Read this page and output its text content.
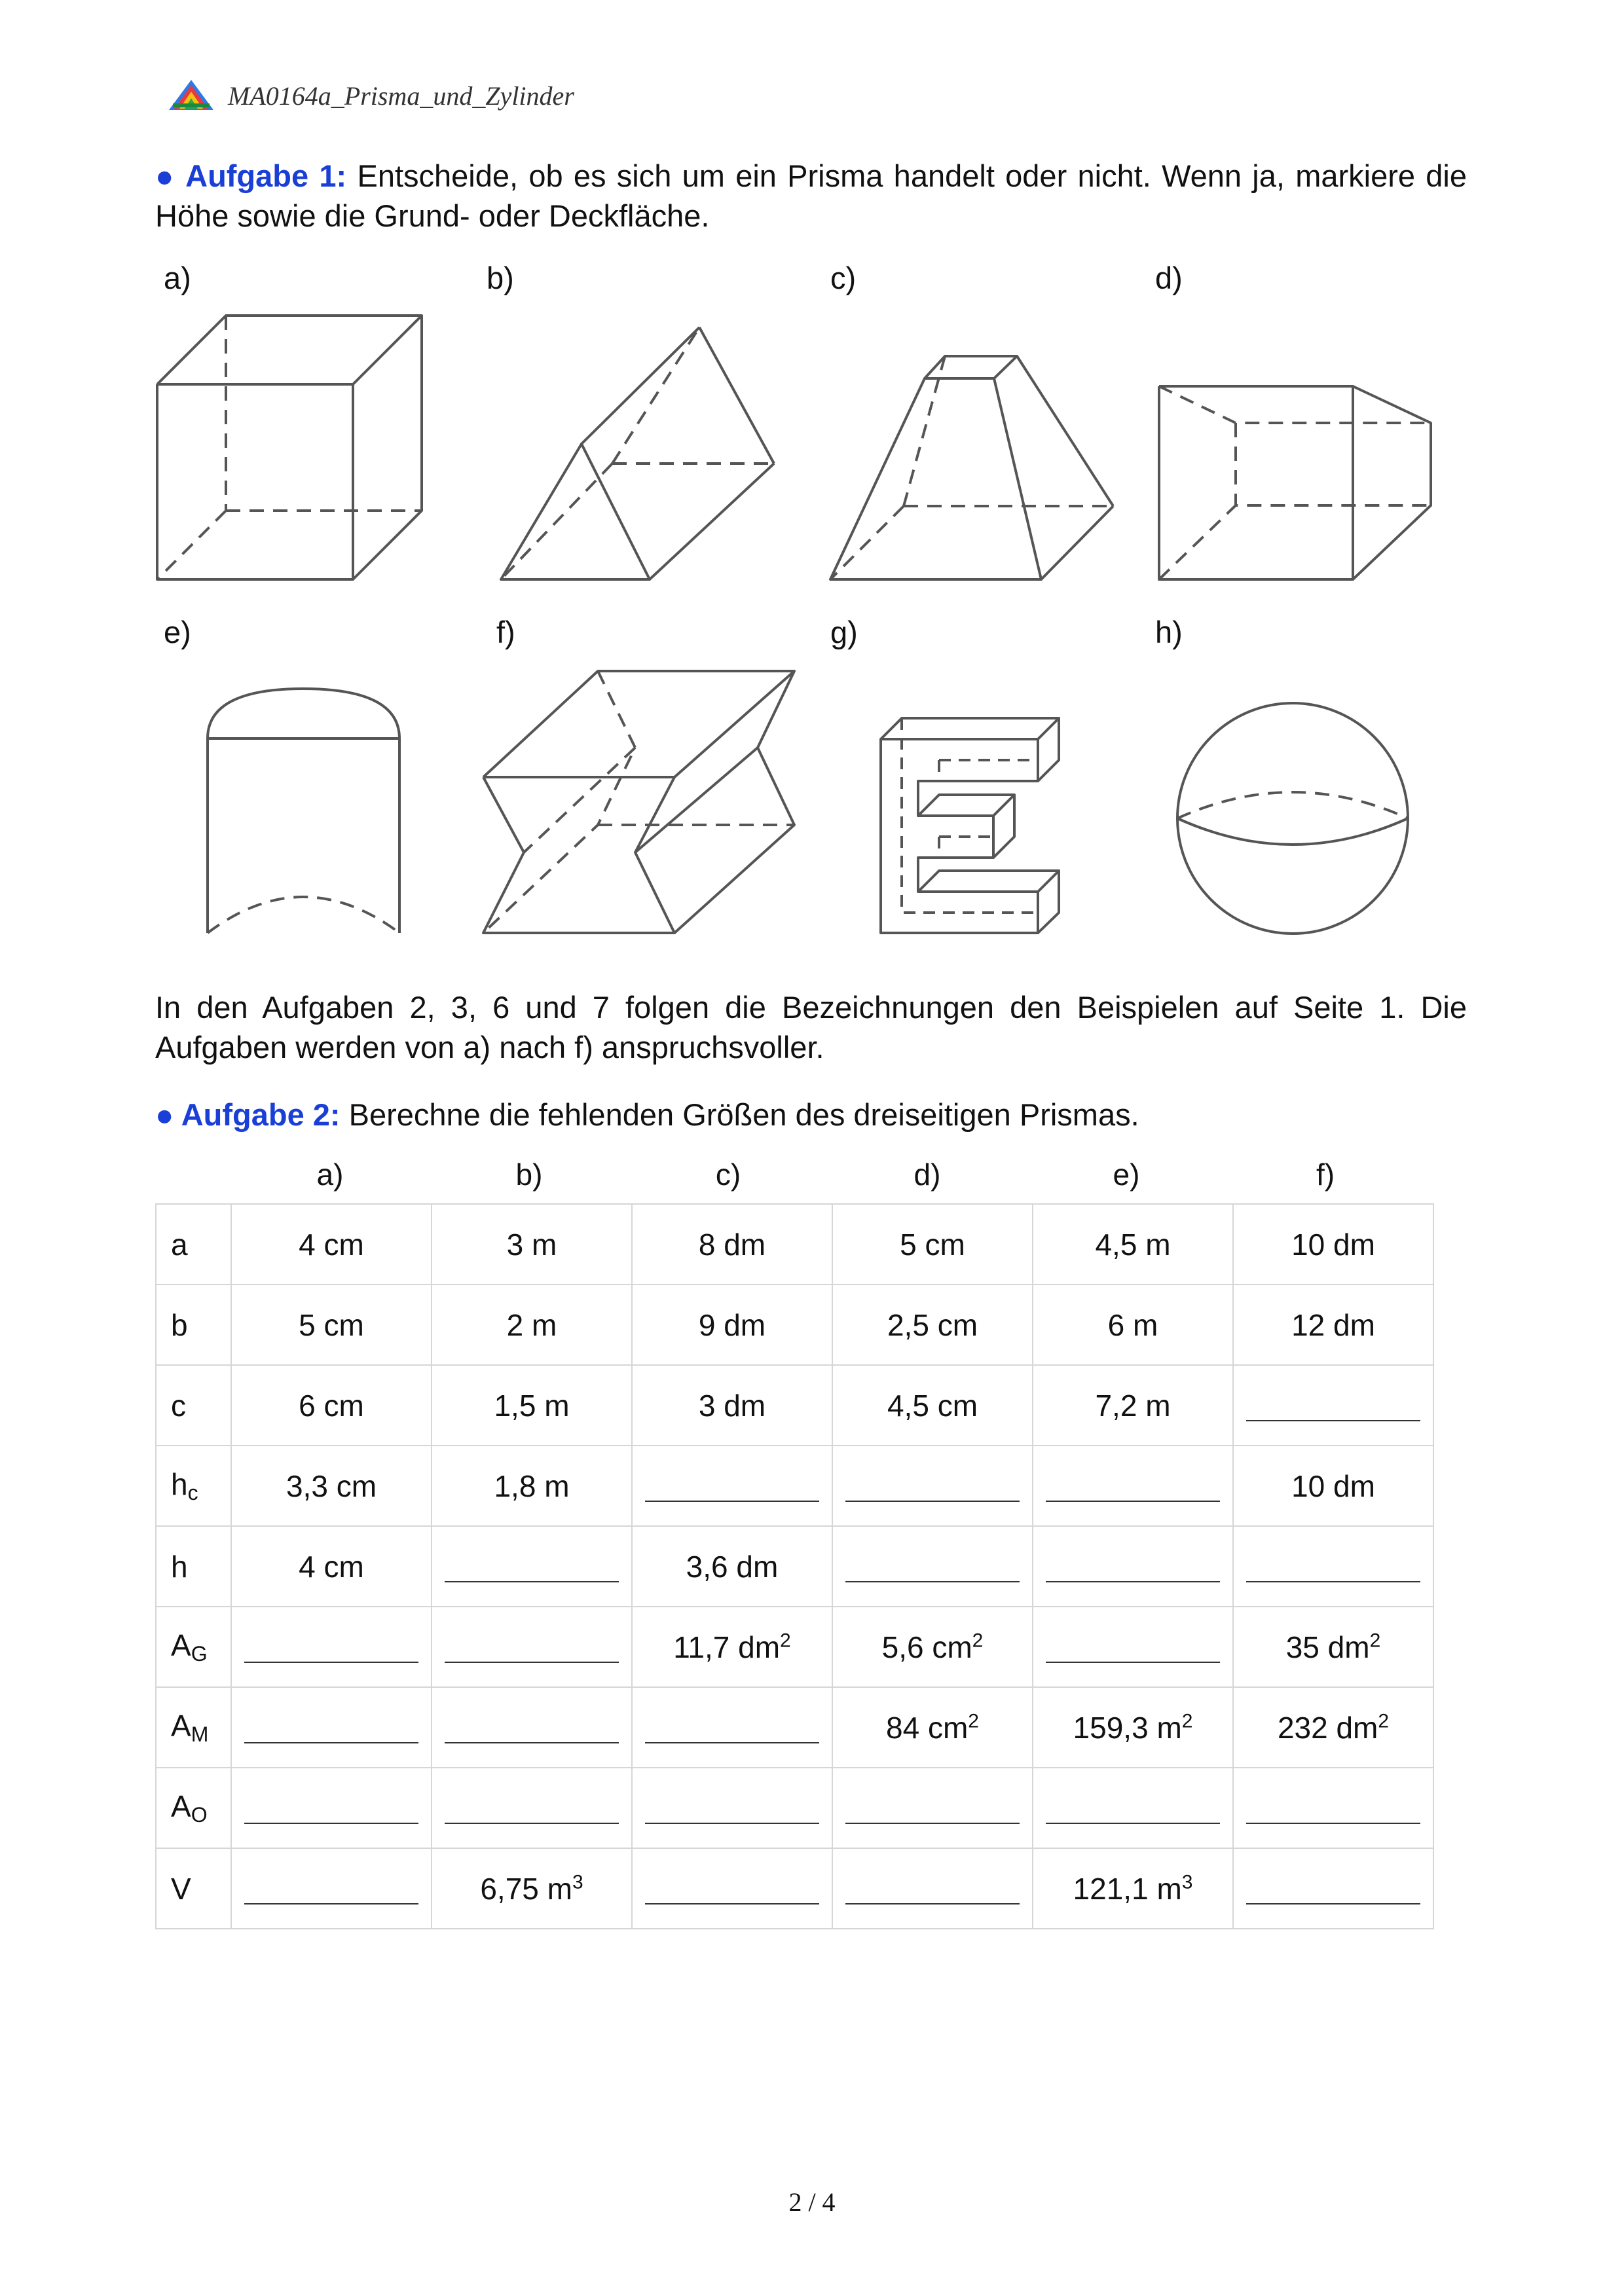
MA0164a_Prisma_und_Zylinder
● Aufgabe 1: Entscheide, ob es sich um ein Prisma handelt oder nicht. Wenn ja, markiere die Höhe sowie die Grund- oder Deckfläche.
a)	b)	c)	d)
e)	f)	g)	h)
In den Aufgaben 2, 3, 6 und 7 folgen die Bezeichnungen den Beispielen auf Seite 1. Die Aufgaben werden von a) nach f) anspruchsvoller.
● Aufgabe 2: Berechne die fehlenden Größen des dreiseitigen Prismas.
a)	b)	c)	d)	e)	f)
a	4 cm	3 m	8 dm	5 cm	4,5 m	10 dm
b	5 cm	2 m	9 dm	2,5 cm	6 m	12 dm
c	6 cm	1,5 m	3 dm	4,5 cm	7,2 m	
$h_c$	3,3 cm	1,8 m				10 dm
h	4 cm		3,6 dm			
$A_G$			11,7 $dm^2$	5,6 $cm^2$		35 $dm^2$
$A_M$				84 $cm^2$	159,3 $m^2$	232 $dm^2$
$A_O$						
V		6,75 $m^3$			121,1 $m^3$	
2 / 4
